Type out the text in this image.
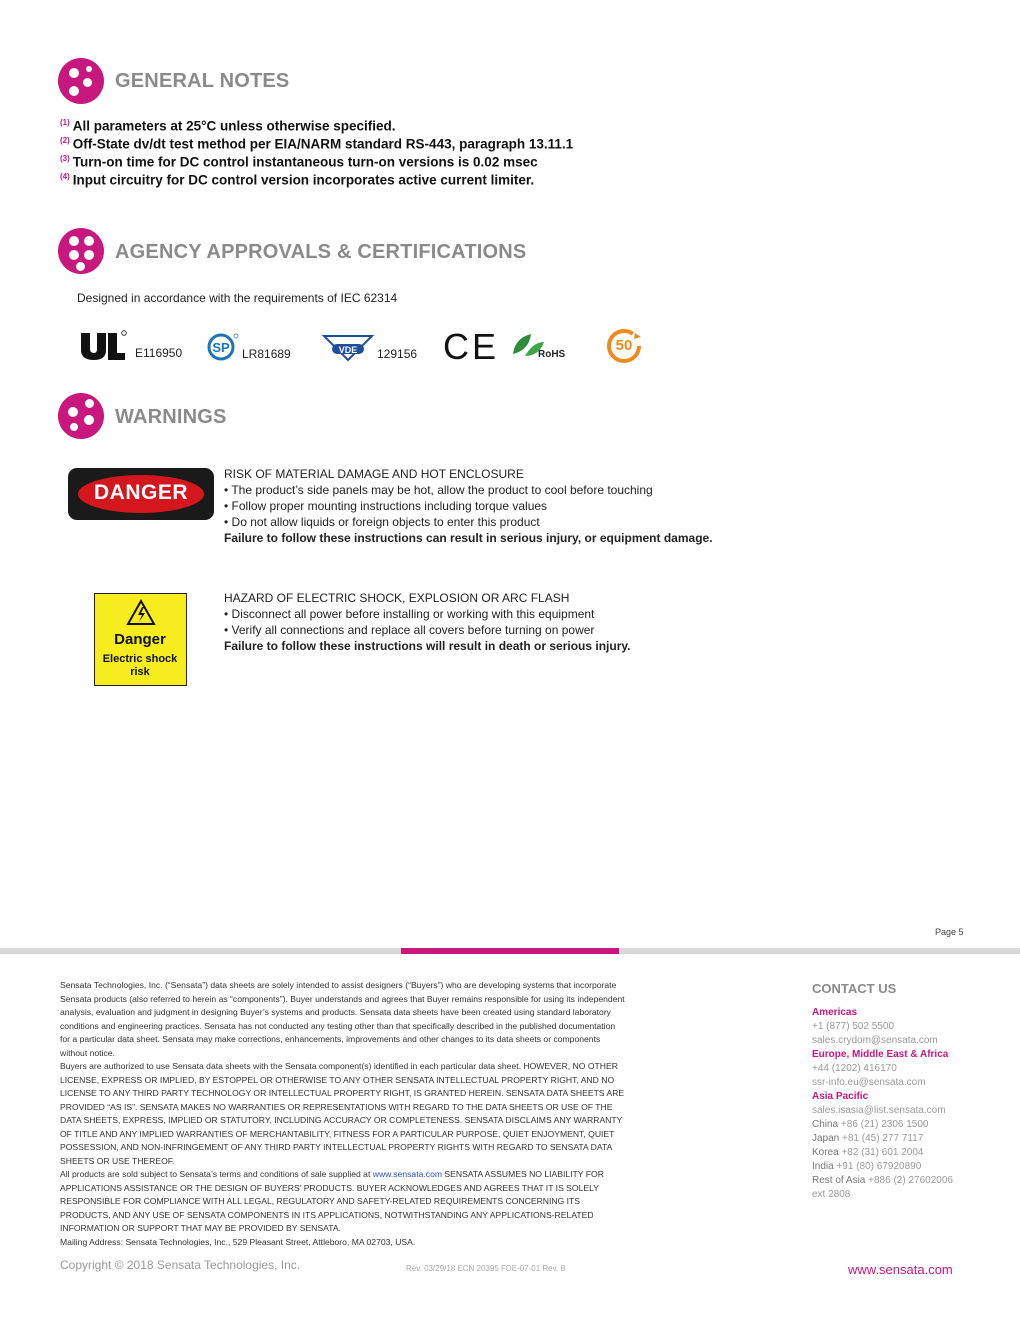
GENERAL NOTES
$^{(1)}$ All parameters at 25°C unless otherwise specified.
$^{(2)}$ Off-State dv/dt test method per EIA/NARM standard RS-443, paragraph 13.11.1
$^{(3)}$ Turn-on time for DC control instantaneous turn-on versions is 0.02 msec
$^{(4)}$ Input circuitry for DC control version incorporates active current limiter.
AGENCY APPROVALS & CERTIFICATIONS
Designed in accordance with the requirements of IEC 62314
E116950 SP LR81689	VDE	129156 CE	RoHS
50
WARNINGS
DANGER
RISK OF MATERIAL DAMAGE AND HOT ENCLOSURE
• The product’s side panels may be hot, allow the product to cool before touching
• Follow proper mounting instructions including torque values
• Do not allow liquids or foreign objects to enter this product
Failure to follow these instructions can result in serious injury, or equipment damage.
Danger
Electric shock
risk
HAZARD OF ELECTRIC SHOCK, EXPLOSION OR ARC FLASH
• Disconnect all power before installing or working with this equipment
• Verify all connections and replace all covers before turning on power
Failure to follow these instructions will result in death or serious injury.
Page 5
Sensata Technologies, Inc. (“Sensata”) data sheets are solely intended to assist designers (“Buyers”) who are developing systems that incorporate Sensata products (also referred to herein as “components”). Buyer understands and agrees that Buyer remains responsible for using its independent analysis, evaluation and judgment in designing Buyer’s systems and products. Sensata data sheets have been created using standard laboratory conditions and engineering practices. Sensata has not conducted any testing other than that specifically described in the published documentation for a particular data sheet. Sensata may make corrections, enhancements, improvements and other changes to its data sheets or components without notice.
Buyers are authorized to use Sensata data sheets with the Sensata component(s) identified in each particular data sheet. HOWEVER, NO OTHER LICENSE, EXPRESS OR IMPLIED, BY ESTOPPEL OR OTHERWISE TO ANY OTHER SENSATA INTELLECTUAL PROPERTY RIGHT, AND NO LICENSE TO ANY THIRD PARTY TECHNOLOGY OR INTELLECTUAL PROPERTY RIGHT, IS GRANTED HEREIN. SENSATA DATA SHEETS ARE PROVIDED “AS IS”. SENSATA MAKES NO WARRANTIES OR REPRESENTATIONS WITH REGARD TO THE DATA SHEETS OR USE OF THE DATA SHEETS, EXPRESS, IMPLIED OR STATUTORY, INCLUDING ACCURACY OR COMPLETENESS. SENSATA DISCLAIMS ANY WARRANTY OF TITLE AND ANY IMPLIED WARRANTIES OF MERCHANTABILITY, FITNESS FOR A PARTICULAR PURPOSE, QUIET ENJOYMENT, QUIET POSSESSION, AND NON-INFRINGEMENT OF ANY THIRD PARTY INTELLECTUAL PROPERTY RIGHTS WITH REGARD TO SENSATA DATA SHEETS OR USE THEREOF.
All products are sold subject to Sensata’s terms and conditions of sale supplied at www.sensata.com SENSATA ASSUMES NO LIABILITY FOR APPLICATIONS ASSISTANCE OR THE DESIGN OF BUYERS’ PRODUCTS. BUYER ACKNOWLEDGES AND AGREES THAT IT IS SOLELY RESPONSIBLE FOR COMPLIANCE WITH ALL LEGAL, REGULATORY AND SAFETY-RELATED REQUIREMENTS CONCERNING ITS PRODUCTS, AND ANY USE OF SENSATA COMPONENTS IN ITS APPLICATIONS, NOTWITHSTANDING ANY APPLICATIONS-RELATED INFORMATION OR SUPPORT THAT MAY BE PROVIDED BY SENSATA.
Mailing Address: Sensata Technologies, Inc., 529 Pleasant Street, Attleboro, MA 02703, USA.
Copyright © 2018 Sensata Technologies, Inc.	Rev. 03/29/18 ECN 20395 FDE-07-01 Rev. B
CONTACT US
Americas
+1 (877) 502 5500
sales.crydom@sensata.com
Europe, Middle East & Africa
+44 (1202) 416170
ssr-info.eu@sensata.com
Asia Pacific
sales.isasia@list.sensata.com
China +86 (21) 2306 1500
Japan +81 (45) 277 7117
Korea +82 (31) 601 2004
India +91 (80) 67920890
Rest of Asia +886 (2) 27602006
ext 2808
www.sensata.com
